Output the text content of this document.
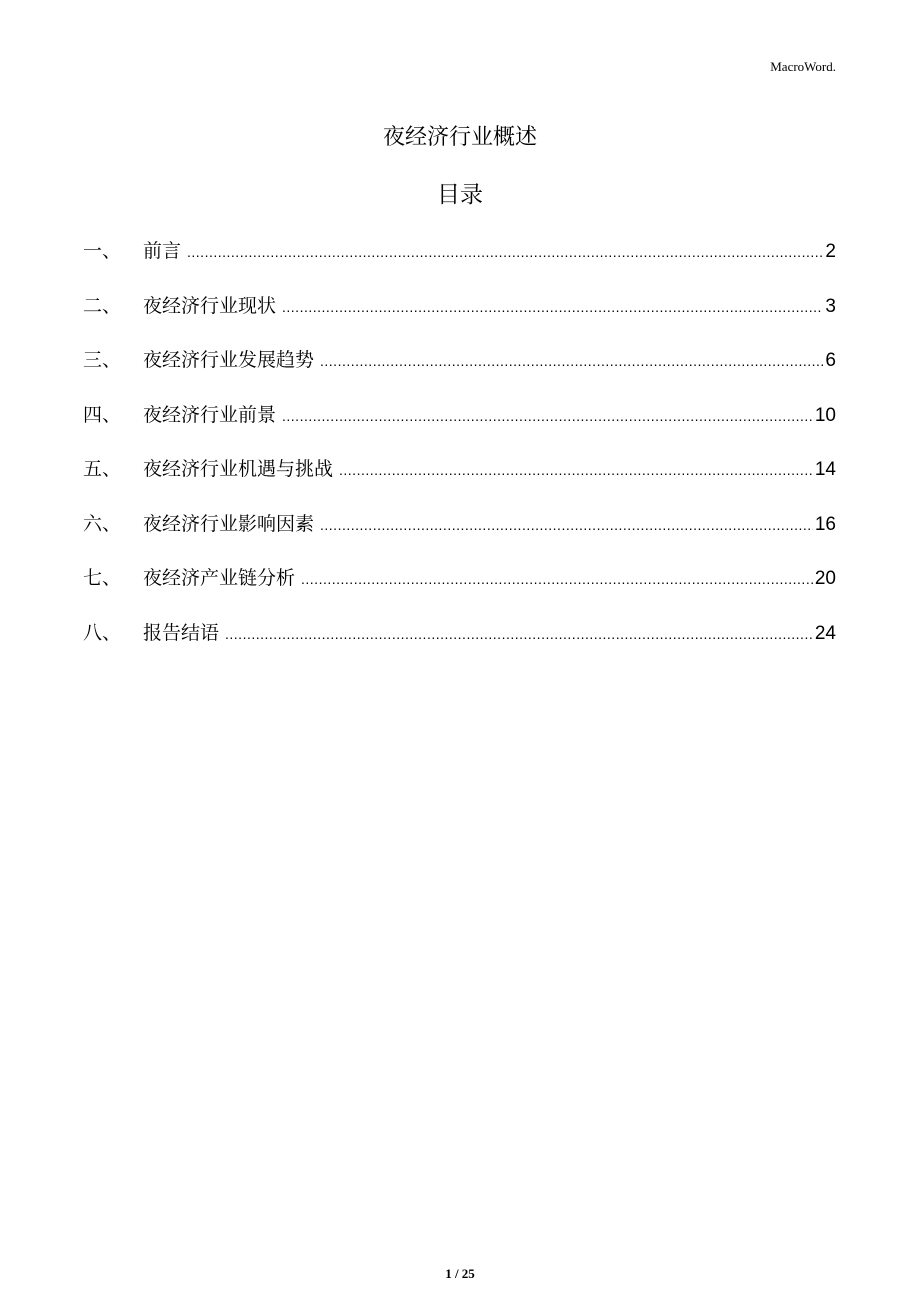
MacroWord.
夜经济行业概述
目录
一、	前言 .....	2
二、	夜经济行业现状 .....	3
三、	夜经济行业发展趋势 .....	6
四、	夜经济行业前景 .....	10
五、	夜经济行业机遇与挑战 .....	14
六、	夜经济行业影响因素 .....	16
七、	夜经济产业链分析 .....	20
八、	报告结语 .....	24
1 / 25
